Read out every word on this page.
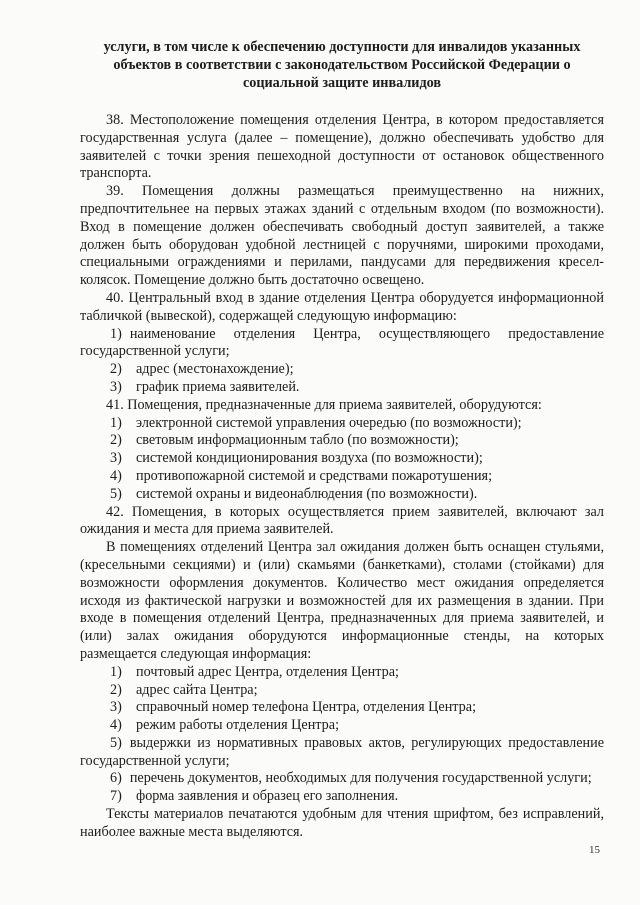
услуги, в том числе к обеспечению доступности для инвалидов указанных объектов в соответствии с законодательством Российской Федерации о социальной защите инвалидов

38. Местоположение помещения отделения Центра, в котором предоставляется государственная услуга (далее – помещение), должно обеспечивать удобство для заявителей с точки зрения пешеходной доступности от остановок общественного транспорта.

39. Помещения должны размещаться преимущественно на нижних, предпочтительнее на первых этажах зданий с отдельным входом (по возможности). Вход в помещение должен обеспечивать свободный доступ заявителей, а также должен быть оборудован удобной лестницей с поручнями, широкими проходами, специальными ограждениями и перилами, пандусами для передвижения кресел-колясок. Помещение должно быть достаточно освещено.

40. Центральный вход в здание отделения Центра оборудуется информационной табличкой (вывеской), содержащей следующую информацию:

1) наименование отделения Центра, осуществляющего предоставление государственной услуги;
2) адрес (местонахождение);
3) график приема заявителей.

41. Помещения, предназначенные для приема заявителей, оборудуются:

1) электронной системой управления очередью (по возможности);
2) световым информационным табло (по возможности);
3) системой кондиционирования воздуха (по возможности);
4) противопожарной системой и средствами пожаротушения;
5) системой охраны и видеонаблюдения (по возможности).

42. Помещения, в которых осуществляется прием заявителей, включают зал ожидания и места для приема заявителей.

В помещениях отделений Центра зал ожидания должен быть оснащен стульями, (кресельными секциями) и (или) скамьями (банкетками), столами (стойками) для возможности оформления документов. Количество мест ожидания определяется исходя из фактической нагрузки и возможностей для их размещения в здании. При входе в помещения отделений Центра, предназначенных для приема заявителей, и (или) залах ожидания оборудуются информационные стенды, на которых размещается следующая информация:

1) почтовый адрес Центра, отделения Центра;
2) адрес сайта Центра;
3) справочный номер телефона Центра, отделения Центра;
4) режим работы отделения Центра;
5) выдержки из нормативных правовых актов, регулирующих предоставление государственной услуги;
6) перечень документов, необходимых для получения государственной услуги;
7) форма заявления и образец его заполнения.

Тексты материалов печатаются удобным для чтения шрифтом, без исправлений, наиболее важные места выделяются.

15
